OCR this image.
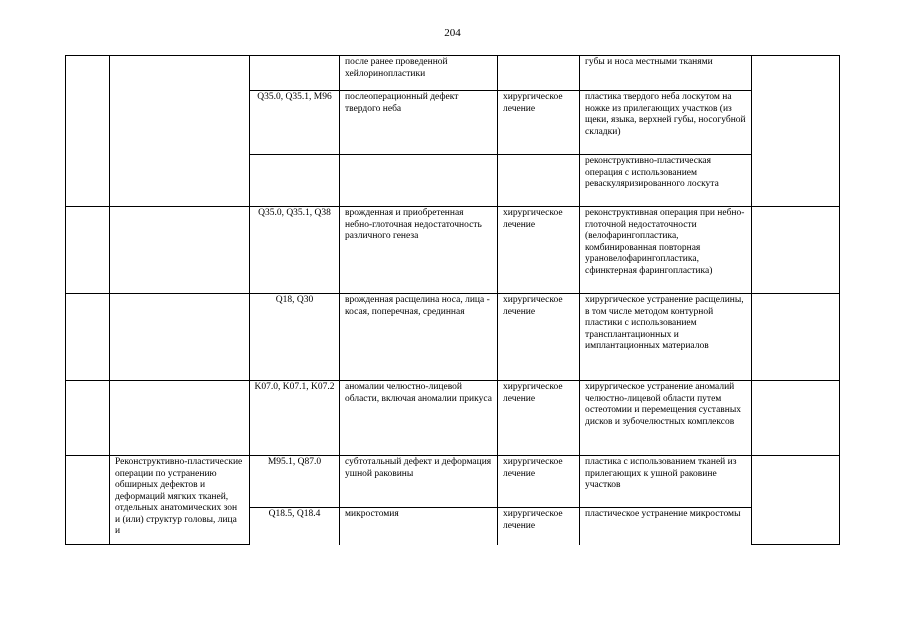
204
			после ранее проведенной хейлоринопластики		губы и носа местными тканями	
		Q35.0, Q35.1, M96	послеоперационный дефект твердого неба	хирургическое лечение	пластика твердого неба лоскутом на ножке из прилегающих участков (из щеки, языка, верхней губы, носогубной складки)	
					реконструктивно-пластическая операция с использованием реваскуляризированного лоскута	
		Q35.0, Q35.1, Q38	врожденная и приобретенная небно-глоточная недостаточность различного генеза	хирургическое лечение	реконструктивная операция при небно-глоточной недостаточности (велофарингопластика, комбинированная повторная урановелофарингопластика, сфинктерная фарингопластика)	
		Q18, Q30	врожденная расщелина носа, лица - косая, поперечная, срединная	хирургическое лечение	хирургическое устранение расщелины, в том числе методом контурной пластики с использованием трансплантационных и имплантационных материалов	
		K07.0, K07.1, K07.2	аномалии челюстно-лицевой области, включая аномалии прикуса	хирургическое лечение	хирургическое устранение аномалий челюстно-лицевой области путем остеотомии и перемещения суставных дисков и зубочелюстных комплексов	
	Реконструктивно-пластические операции по устранению обширных дефектов и деформаций мягких тканей, отдельных анатомических зон и (или) структур головы, лица и	M95.1, Q87.0	субтотальный дефект и деформация ушной раковины	хирургическое лечение	пластика с использованием тканей из прилегающих к ушной раковине участков	
		Q18.5, Q18.4	микростомия	хирургическое лечение	пластическое устранение микростомы	
